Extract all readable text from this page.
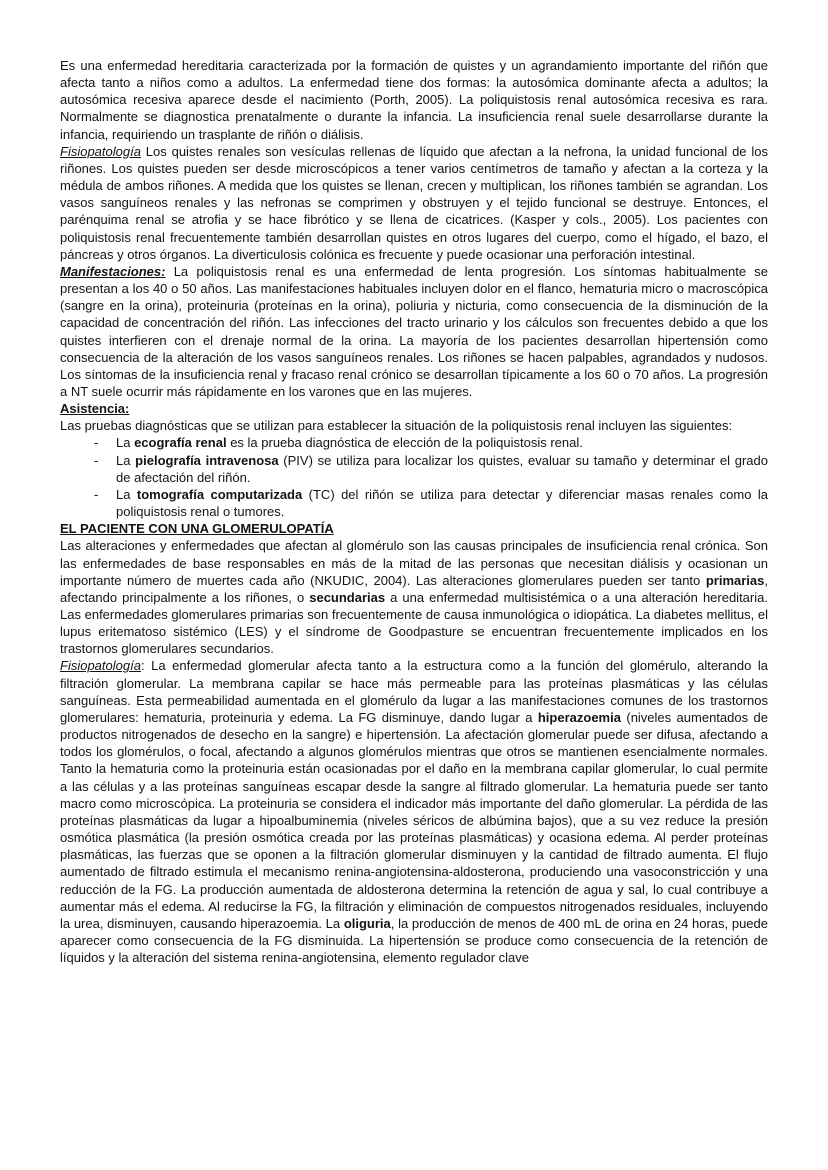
Es una enfermedad hereditaria caracterizada por la formación de quistes y un agrandamiento importante del riñón que afecta tanto a niños como a adultos. La enfermedad tiene dos formas: la autosómica dominante afecta a adultos; la autosómica recesiva aparece desde el nacimiento (Porth, 2005). La poliquistosis renal autosómica recesiva es rara. Normalmente se diagnostica prenatalmente o durante la infancia. La insuficiencia renal suele desarrollarse durante la infancia, requiriendo un trasplante de riñón o diálisis.
Fisiopatología Los quistes renales son vesículas rellenas de líquido que afectan a la nefrona, la unidad funcional de los riñones. Los quistes pueden ser desde microscópicos a tener varios centímetros de tamaño y afectan a la corteza y la médula de ambos riñones. A medida que los quistes se llenan, crecen y multiplican, los riñones también se agrandan. Los vasos sanguíneos renales y las nefronas se comprimen y obstruyen y el tejido funcional se destruye. Entonces, el parénquima renal se atrofia y se hace fibrótico y se llena de cicatrices. (Kasper y cols., 2005). Los pacientes con poliquistosis renal frecuentemente también desarrollan quistes en otros lugares del cuerpo, como el hígado, el bazo, el páncreas y otros órganos. La diverticulosis colónica es frecuente y puede ocasionar una perforación intestinal.
Manifestaciones: La poliquistosis renal es una enfermedad de lenta progresión. Los síntomas habitualmente se presentan a los 40 o 50 años. Las manifestaciones habituales incluyen dolor en el flanco, hematuria micro o macroscópica (sangre en la orina), proteinuria (proteínas en la orina), poliuria y nicturia, como consecuencia de la disminución de la capacidad de concentración del riñón. Las infecciones del tracto urinario y los cálculos son frecuentes debido a que los quistes interfieren con el drenaje normal de la orina. La mayoría de los pacientes desarrollan hipertensión como consecuencia de la alteración de los vasos sanguíneos renales. Los riñones se hacen palpables, agrandados y nudosos. Los síntomas de la insuficiencia renal y fracaso renal crónico se desarrollan típicamente a los 60 o 70 años. La progresión a NT suele ocurrir más rápidamente en los varones que en las mujeres.
Asistencia:
Las pruebas diagnósticas que se utilizan para establecer la situación de la poliquistosis renal incluyen las siguientes:
-	La ecografía renal es la prueba diagnóstica de elección de la poliquistosis renal.
-	La pielografía intravenosa (PIV) se utiliza para localizar los quistes, evaluar su tamaño y determinar el grado de afectación del riñón.
-	La tomografía computarizada (TC) del riñón se utiliza para detectar y diferenciar masas renales como la poliquistosis renal o tumores.
EL PACIENTE CON UNA GLOMERULOPATÍA
Las alteraciones y enfermedades que afectan al glomérulo son las causas principales de insuficiencia renal crónica. Son las enfermedades de base responsables en más de la mitad de las personas que necesitan diálisis y ocasionan un importante número de muertes cada año (NKUDIC, 2004). Las alteraciones glomerulares pueden ser tanto primarias, afectando principalmente a los riñones, o secundarias a una enfermedad multisistémica o a una alteración hereditaria. Las enfermedades glomerulares primarias son frecuentemente de causa inmunológica o idiopática. La diabetes mellitus, el lupus eritematoso sistémico (LES) y el síndrome de Goodpasture se encuentran frecuentemente implicados en los trastornos glomerulares secundarios.
Fisiopatología: La enfermedad glomerular afecta tanto a la estructura como a la función del glomérulo, alterando la filtración glomerular. La membrana capilar se hace más permeable para las proteínas plasmáticas y las células sanguíneas. Esta permeabilidad aumentada en el glomérulo da lugar a las manifestaciones comunes de los trastornos glomerulares: hematuria, proteinuria y edema. La FG disminuye, dando lugar a hiperazoemia (niveles aumentados de productos nitrogenados de desecho en la sangre) e hipertensión. La afectación glomerular puede ser difusa, afectando a todos los glomérulos, o focal, afectando a algunos glomérulos mientras que otros se mantienen esencialmente normales. Tanto la hematuria como la proteinuria están ocasionadas por el daño en la membrana capilar glomerular, lo cual permite a las células y a las proteínas sanguíneas escapar desde la sangre al filtrado glomerular. La hematuria puede ser tanto macro como microscópica. La proteinuria se considera el indicador más importante del daño glomerular. La pérdida de las proteínas plasmáticas da lugar a hipoalbuminemia (niveles séricos de albúmina bajos), que a su vez reduce la presión osmótica plasmática (la presión osmótica creada por las proteínas plasmáticas) y ocasiona edema. Al perder proteínas plasmáticas, las fuerzas que se oponen a la filtración glomerular disminuyen y la cantidad de filtrado aumenta. El flujo aumentado de filtrado estimula el mecanismo renina-angiotensina-aldosterona, produciendo una vasoconstricción y una reducción de la FG. La producción aumentada de aldosterona determina la retención de agua y sal, lo cual contribuye a aumentar más el edema. Al reducirse la FG, la filtración y eliminación de compuestos nitrogenados residuales, incluyendo la urea, disminuyen, causando hiperazoemia. La oliguria, la producción de menos de 400 mL de orina en 24 horas, puede aparecer como consecuencia de la FG disminuida. La hipertensión se produce como consecuencia de la retención de líquidos y la alteración del sistema renina-angiotensina, elemento regulador clave
